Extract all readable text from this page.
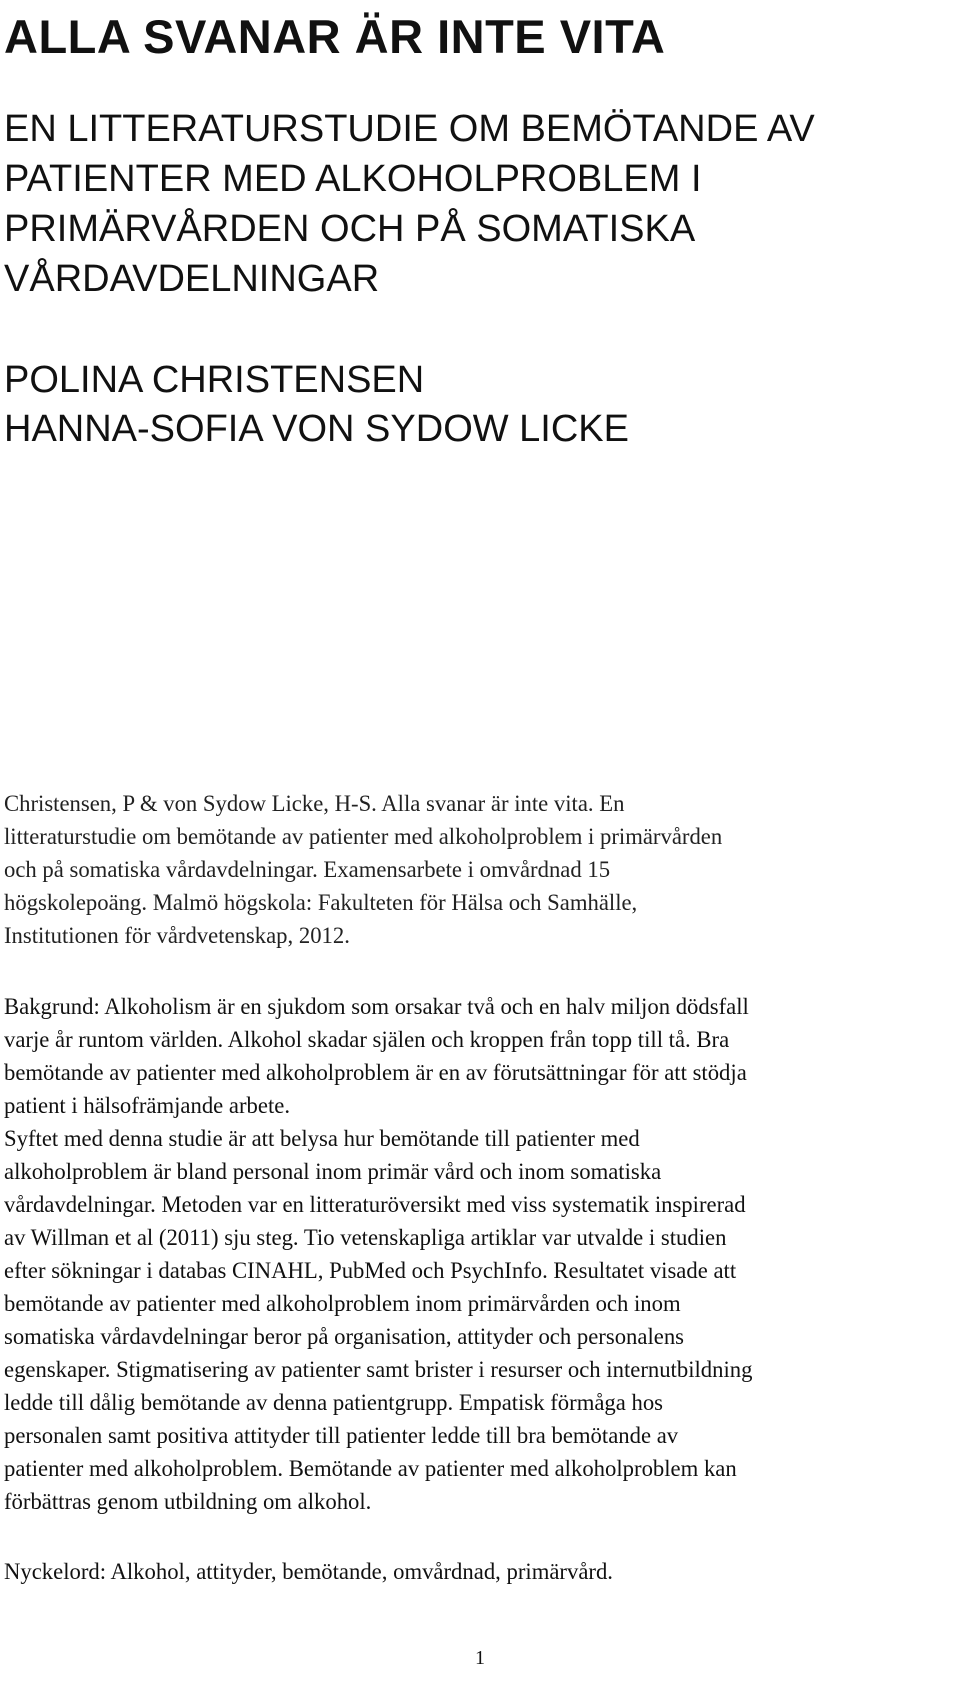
ALLA SVANAR ÄR INTE VITA
EN LITTERATURSTUDIE OM BEMÖTANDE AV
PATIENTER MED ALKOHOLPROBLEM I
PRIMÄRVÅRDEN OCH PÅ SOMATISKA
VÅRDAVDELNINGAR
POLINA CHRISTENSEN
HANNA-SOFIA VON SYDOW LICKE
Christensen, P & von Sydow Licke, H-S. Alla svanar är inte vita. En
litteraturstudie om bemötande av patienter med alkoholproblem i primärvården
och på somatiska vårdavdelningar. Examensarbete i omvårdnad 15
högskolepoäng. Malmö högskola: Fakulteten för Hälsa och Samhälle,
Institutionen för vårdvetenskap, 2012.
Bakgrund: Alkoholism är en sjukdom som orsakar två och en halv miljon dödsfall
varje år runtom världen. Alkohol skadar själen och kroppen från topp till tå. Bra
bemötande av patienter med alkoholproblem är en av förutsättningar för att stödja
patient i hälsofrämjande arbete.
Syftet med denna studie är att belysa hur bemötande till patienter med
alkoholproblem är bland personal inom primär vård och inom somatiska
vårdavdelningar. Metoden var en litteraturöversikt med viss systematik inspirerad
av Willman et al (2011) sju steg. Tio vetenskapliga artiklar var utvalde i studien
efter sökningar i databas CINAHL, PubMed och PsychInfo. Resultatet visade att
bemötande av patienter med alkoholproblem inom primärvården och inom
somatiska vårdavdelningar beror på organisation, attityder och personalens
egenskaper. Stigmatisering av patienter samt brister i resurser och internutbildning
ledde till dålig bemötande av denna patientgrupp. Empatisk förmåga hos
personalen samt positiva attityder till patienter ledde till bra bemötande av
patienter med alkoholproblem. Bemötande av patienter med alkoholproblem kan
förbättras genom utbildning om alkohol.
Nyckelord: Alkohol, attityder, bemötande, omvårdnad, primärvård.
1
